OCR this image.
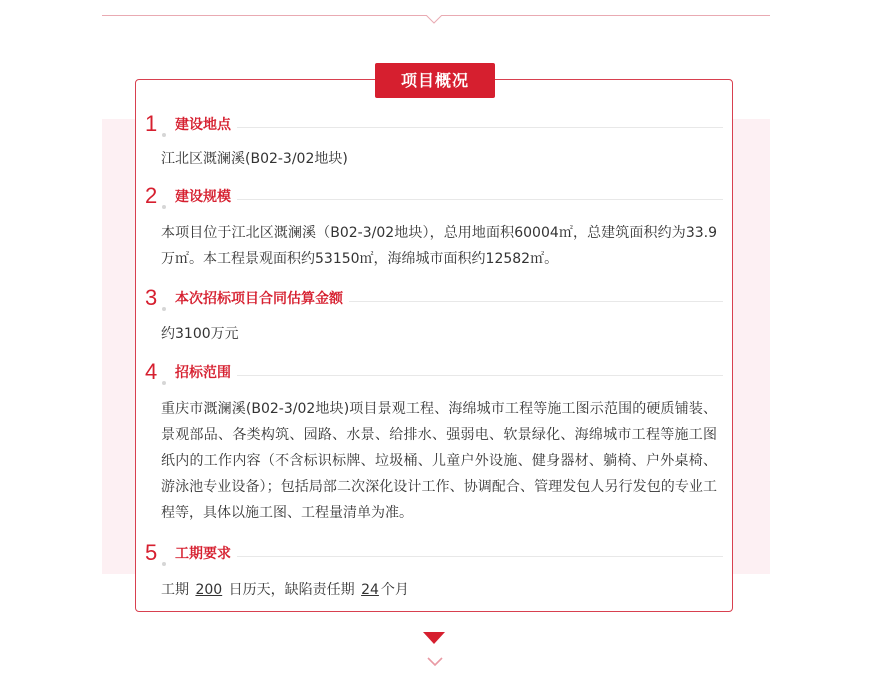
项目概况
1 建设地点
江北区溉澜溪(B02-3/02地块)
2 建设规模
本项目位于江北区溉澜溪（B02-3/02地块），总用地面积60004㎡，总建筑面积约为33.9万㎡。本工程景观面积约53150㎡，海绵城市面积约12582㎡。
3 本次招标项目合同估算金额
约3100万元
4 招标范围
重庆市溉澜溪(B02-3/02地块)项目景观工程、海绵城市工程等施工图示范围的硬质铺装、景观部品、各类构筑、园路、水景、给排水、强弱电、软景绿化、海绵城市工程等施工图纸内的工作内容（不含标识标牌、垃圾桶、儿童户外设施、健身器材、躺椅、户外桌椅、游泳池专业设备）；包括局部二次深化设计工作、协调配合、管理发包人另行发包的专业工程等，具体以施工图、工程量清单为准。
5 工期要求
工期 200 日历天，缺陷责任期 24 个月
